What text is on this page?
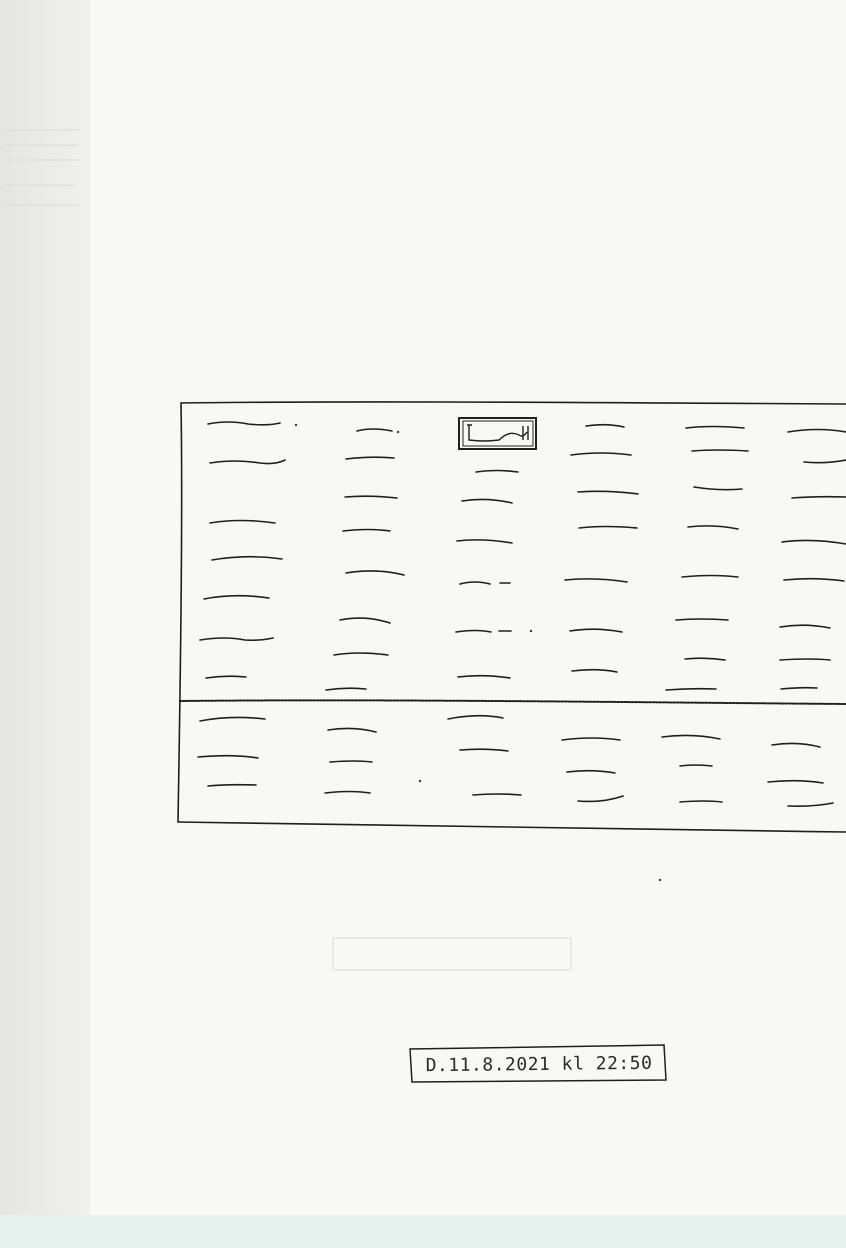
D.11.8.2021 kl 22:50
